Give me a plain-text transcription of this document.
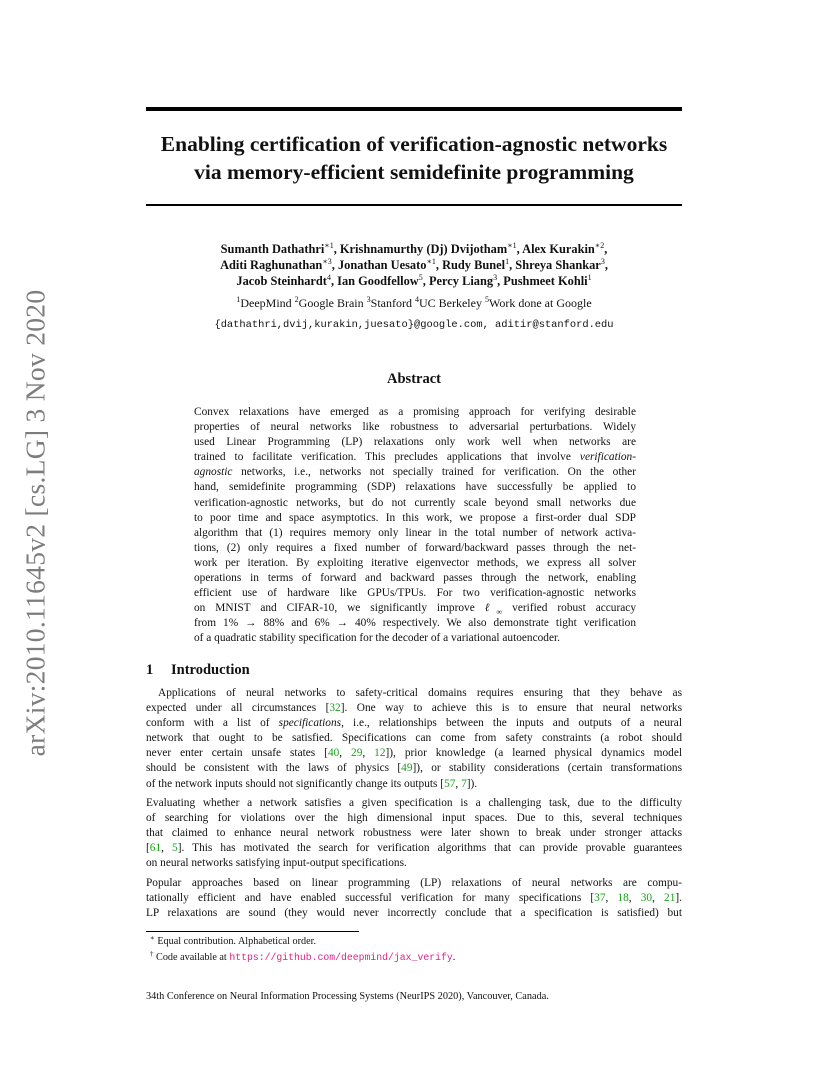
arXiv:2010.11645v2 [cs.LG] 3 Nov 2020
Enabling certification of verification-agnostic networks
via memory-efficient semidefinite programming
Sumanth Dathathri$^{∗1}$, Krishnamurthy (Dj) Dvijotham$^{∗1}$, Alex Kurakin$^{∗2}$,
Aditi Raghunathan$^{∗3}$, Jonathan Uesato$^{∗1}$, Rudy Bunel$^1$, Shreya Shankar$^3$,
Jacob Steinhardt$^4$, Ian Goodfellow$^5$, Percy Liang$^3$, Pushmeet Kohli$^1$
$^1$DeepMind $^2$Google Brain $^3$Stanford $^4$UC Berkeley $^5$Work done at Google
{dathathri,dvij,kurakin,juesato}@google.com, aditir@stanford.edu
Abstract
Convex relaxations have emerged as a promising approach for verifying desirable
properties of neural networks like robustness to adversarial perturbations. Widely
used Linear Programming (LP) relaxations only work well when networks are
trained to facilitate verification. This precludes applications that involve verification-
agnostic networks, i.e., networks not specially trained for verification. On the other
hand, semidefinite programming (SDP) relaxations have successfully be applied to
verification-agnostic networks, but do not currently scale beyond small networks due
to poor time and space asymptotics. In this work, we propose a first-order dual SDP
algorithm that (1) requires memory only linear in the total number of network activa-
tions, (2) only requires a fixed number of forward/backward passes through the net-
work per iteration. By exploiting iterative eigenvector methods, we express all solver
operations in terms of forward and backward passes through the network, enabling
efficient use of hardware like GPUs/TPUs. For two verification-agnostic networks
on MNIST and CIFAR-10, we significantly improve ℓ$_\infty$ verified robust accuracy
from 1% → 88% and 6% → 40% respectively. We also demonstrate tight verification
of a quadratic stability specification for the decoder of a variational autoencoder.
1 Introduction
Applications of neural networks to safety-critical domains requires ensuring that they behave as
expected under all circumstances [32]. One way to achieve this is to ensure that neural networks
conform with a list of specifications, i.e., relationships between the inputs and outputs of a neural
network that ought to be satisfied. Specifications can come from safety constraints (a robot should
never enter certain unsafe states [40, 29, 12]), prior knowledge (a learned physical dynamics model
should be consistent with the laws of physics [49]), or stability considerations (certain transformations
of the network inputs should not significantly change its outputs [57, 7]).
Evaluating whether a network satisfies a given specification is a challenging task, due to the difficulty
of searching for violations over the high dimensional input spaces. Due to this, several techniques
that claimed to enhance neural network robustness were later shown to break under stronger attacks
[61, 5]. This has motivated the search for verification algorithms that can provide provable guarantees
on neural networks satisfying input-output specifications.
Popular approaches based on linear programming (LP) relaxations of neural networks are compu-
tationally efficient and have enabled successful verification for many specifications [37, 18, 30, 21].
LP relaxations are sound (they would never incorrectly conclude that a specification is satisfied) but
∗ Equal contribution. Alphabetical order.
† Code available at https://github.com/deepmind/jax_verify.
34th Conference on Neural Information Processing Systems (NeurIPS 2020), Vancouver, Canada.
